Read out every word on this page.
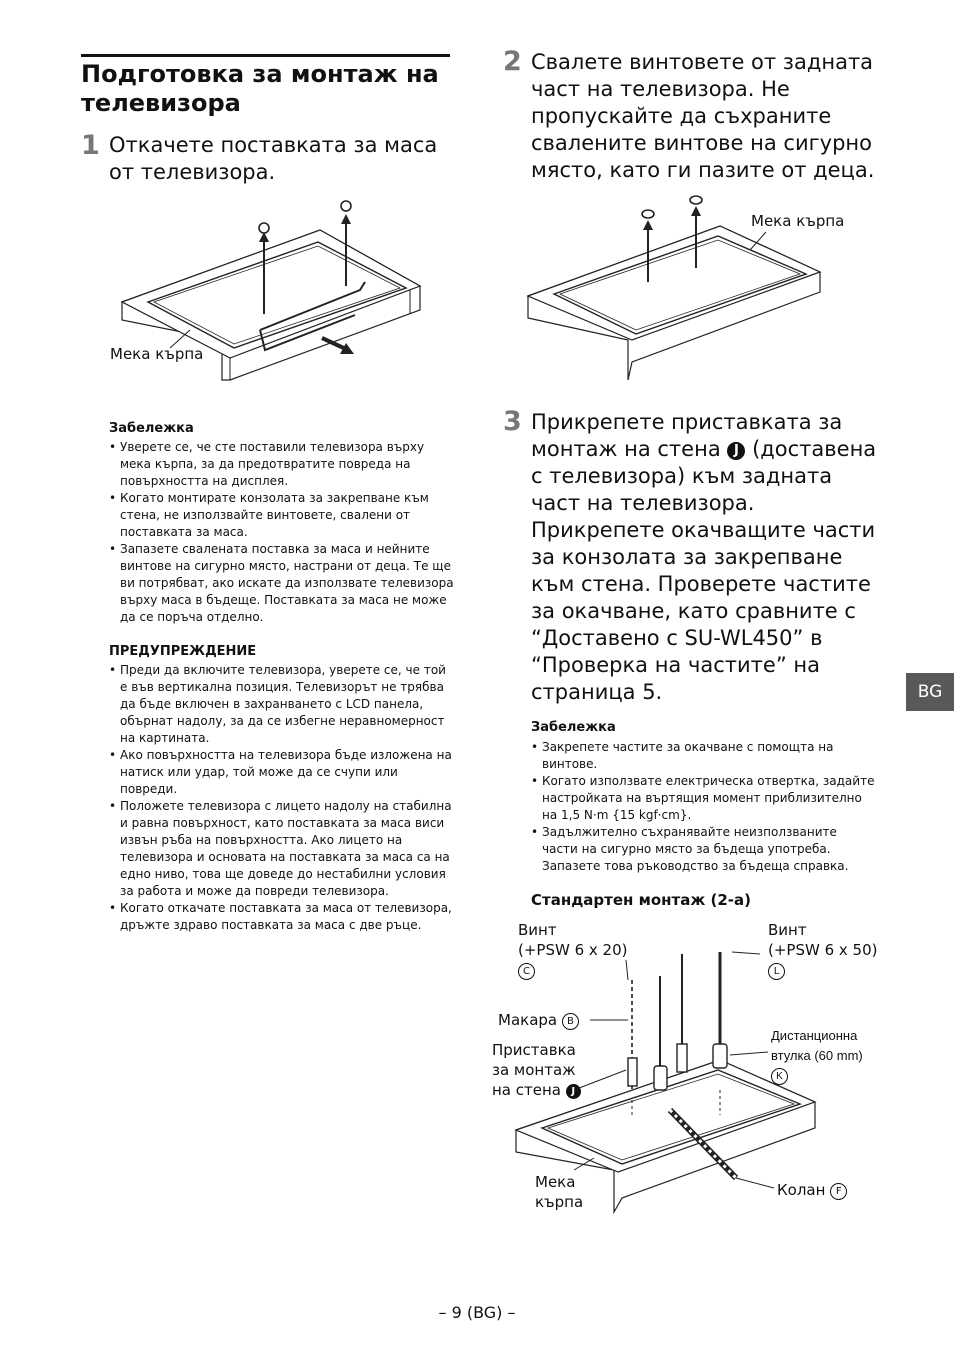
Подготовка за монтаж на телевизора
1 Откачете поставката за маса от телевизора.
Мека кърпа
Забележка
• Уверете се, че сте поставили телевизора върху мека кърпа, за да предотвратите повреда на повърхността на дисплея.
• Когато монтирате конзолата за закрепване към стена, не използвайте винтовете, свалени от поставката за маса.
• Запазете свалената поставка за маса и нейните винтове на сигурно място, настрани от деца. Те ще ви потрябват, ако искате да използвате телевизора върху маса в бъдеще. Поставката за маса не може да се поръча отделно.
ПРЕДУПРЕЖДЕНИЕ
• Преди да включите телевизора, уверете се, че той е във вертикална позиция. Телевизорът не трябва да бъде включен в захранването с LCD панела, обърнат надолу, за да се избегне неравномерност на картината.
• Ако повърхността на телевизора бъде изложена на натиск или удар, той може да се счупи или повреди.
• Положете телевизора с лицето надолу на стабилна и равна повърхност, като поставката за маса виси извън ръба на повърхността. Ако лицето на телевизора и основата на поставката за маса са на едно ниво, това ще доведе до нестабилни условия за работа и може да повреди телевизора.
• Когато откачате поставката за маса от телевизора, дръжте здраво поставката за маса с две ръце.
2 Свалете винтовете от задната част на телевизора. Не пропускайте да съхраните свалените винтове на сигурно място, като ги пазите от деца.
Мека кърпа
3 Прикрепете приставката за монтаж на стена J (доставена с телевизора) към задната част на телевизора. Прикрепете окачващите части за конзолата за закрепване към стена. Проверете частите за окачване, като сравните с “Доставено с SU-WL450” в “Проверка на частите” на страница 5.
Забележка
• Закрепете частите за окачване с помощта на винтове.
• Когато използвате електрическа отвертка, задайте настройката на въртящия момент приблизително на 1,5 N·m {15 kgf·cm}.
• Задължително съхранявайте неизползваните части на сигурно място за бъдеща употреба. Запазете това ръководство за бъдеща справка.
Стандартен монтаж (2-a)
Винт
(+PSW 6 x 20)
C
Винт
(+PSW 6 x 50)
L
Макара B
Приставка
за монтаж
на стена J
Дистанционна
втулка (60 mm)
K
Мека
кърпа
Колан F
BG
– 9 (BG) –
